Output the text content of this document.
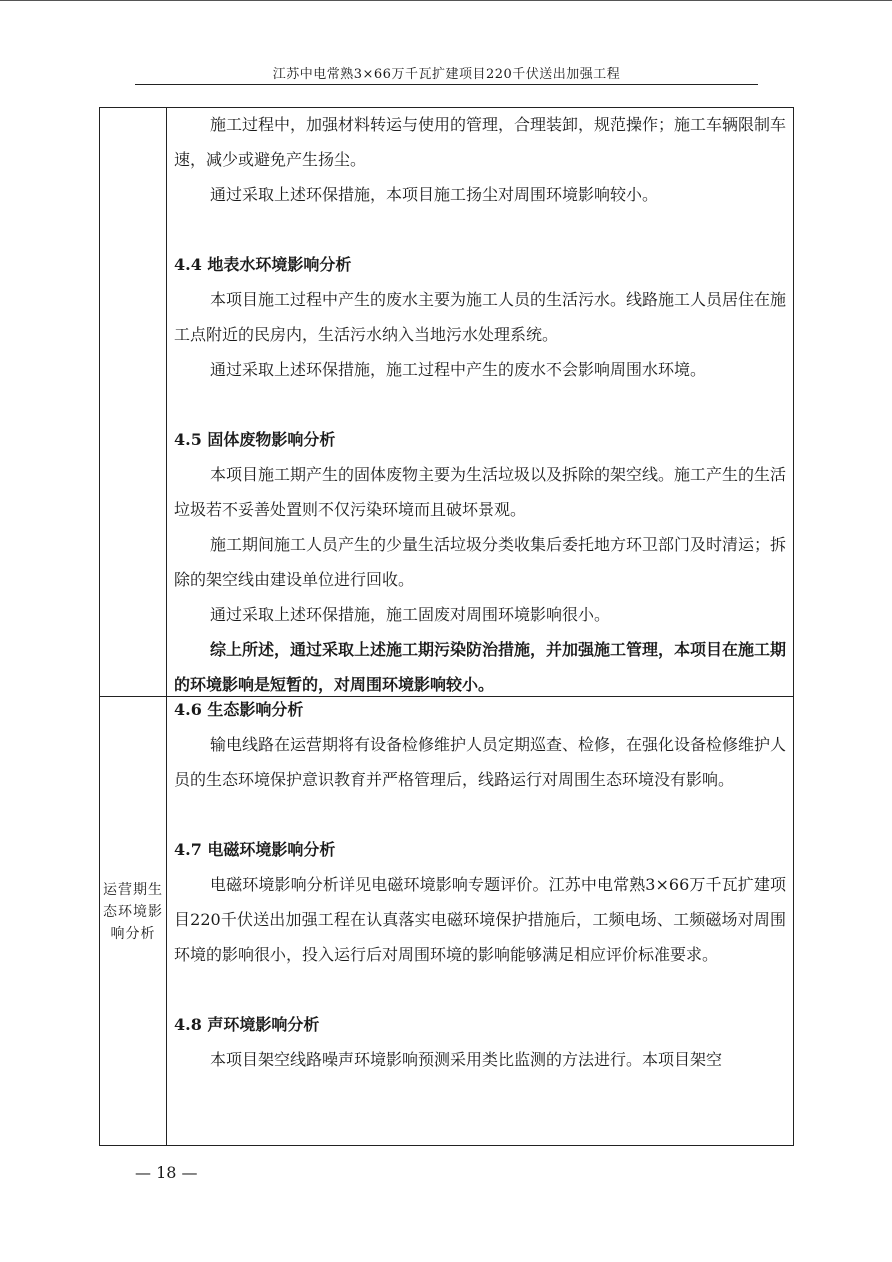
江苏中电常熟3×66万千瓦扩建项目220千伏送出加强工程

施工过程中，加强材料转运与使用的管理，合理装卸，规范操作；施工车辆限制车速，减少或避免产生扬尘。

通过采取上述环保措施，本项目施工扬尘对周围环境影响较小。

4.4 地表水环境影响分析

本项目施工过程中产生的废水主要为施工人员的生活污水。线路施工人员居住在施工点附近的民房内，生活污水纳入当地污水处理系统。

通过采取上述环保措施，施工过程中产生的废水不会影响周围水环境。

4.5 固体废物影响分析

本项目施工期产生的固体废物主要为生活垃圾以及拆除的架空线。施工产生的生活垃圾若不妥善处置则不仅污染环境而且破坏景观。

施工期间施工人员产生的少量生活垃圾分类收集后委托地方环卫部门及时清运；拆除的架空线由建设单位进行回收。

通过采取上述环保措施，施工固废对周围环境影响很小。

综上所述，通过采取上述施工期污染防治措施，并加强施工管理，本项目在施工期的环境影响是短暂的，对周围环境影响较小。

运营期生态环境影响分析

4.6 生态影响分析

输电线路在运营期将有设备检修维护人员定期巡查、检修，在强化设备检修维护人员的生态环境保护意识教育并严格管理后，线路运行对周围生态环境没有影响。

4.7 电磁环境影响分析

电磁环境影响分析详见电磁环境影响专题评价。江苏中电常熟3×66万千瓦扩建项目220千伏送出加强工程在认真落实电磁环境保护措施后，工频电场、工频磁场对周围环境的影响很小，投入运行后对周围环境的影响能够满足相应评价标准要求。

4.8 声环境影响分析

本项目架空线路噪声环境影响预测采用类比监测的方法进行。本项目架空

— 18 —
